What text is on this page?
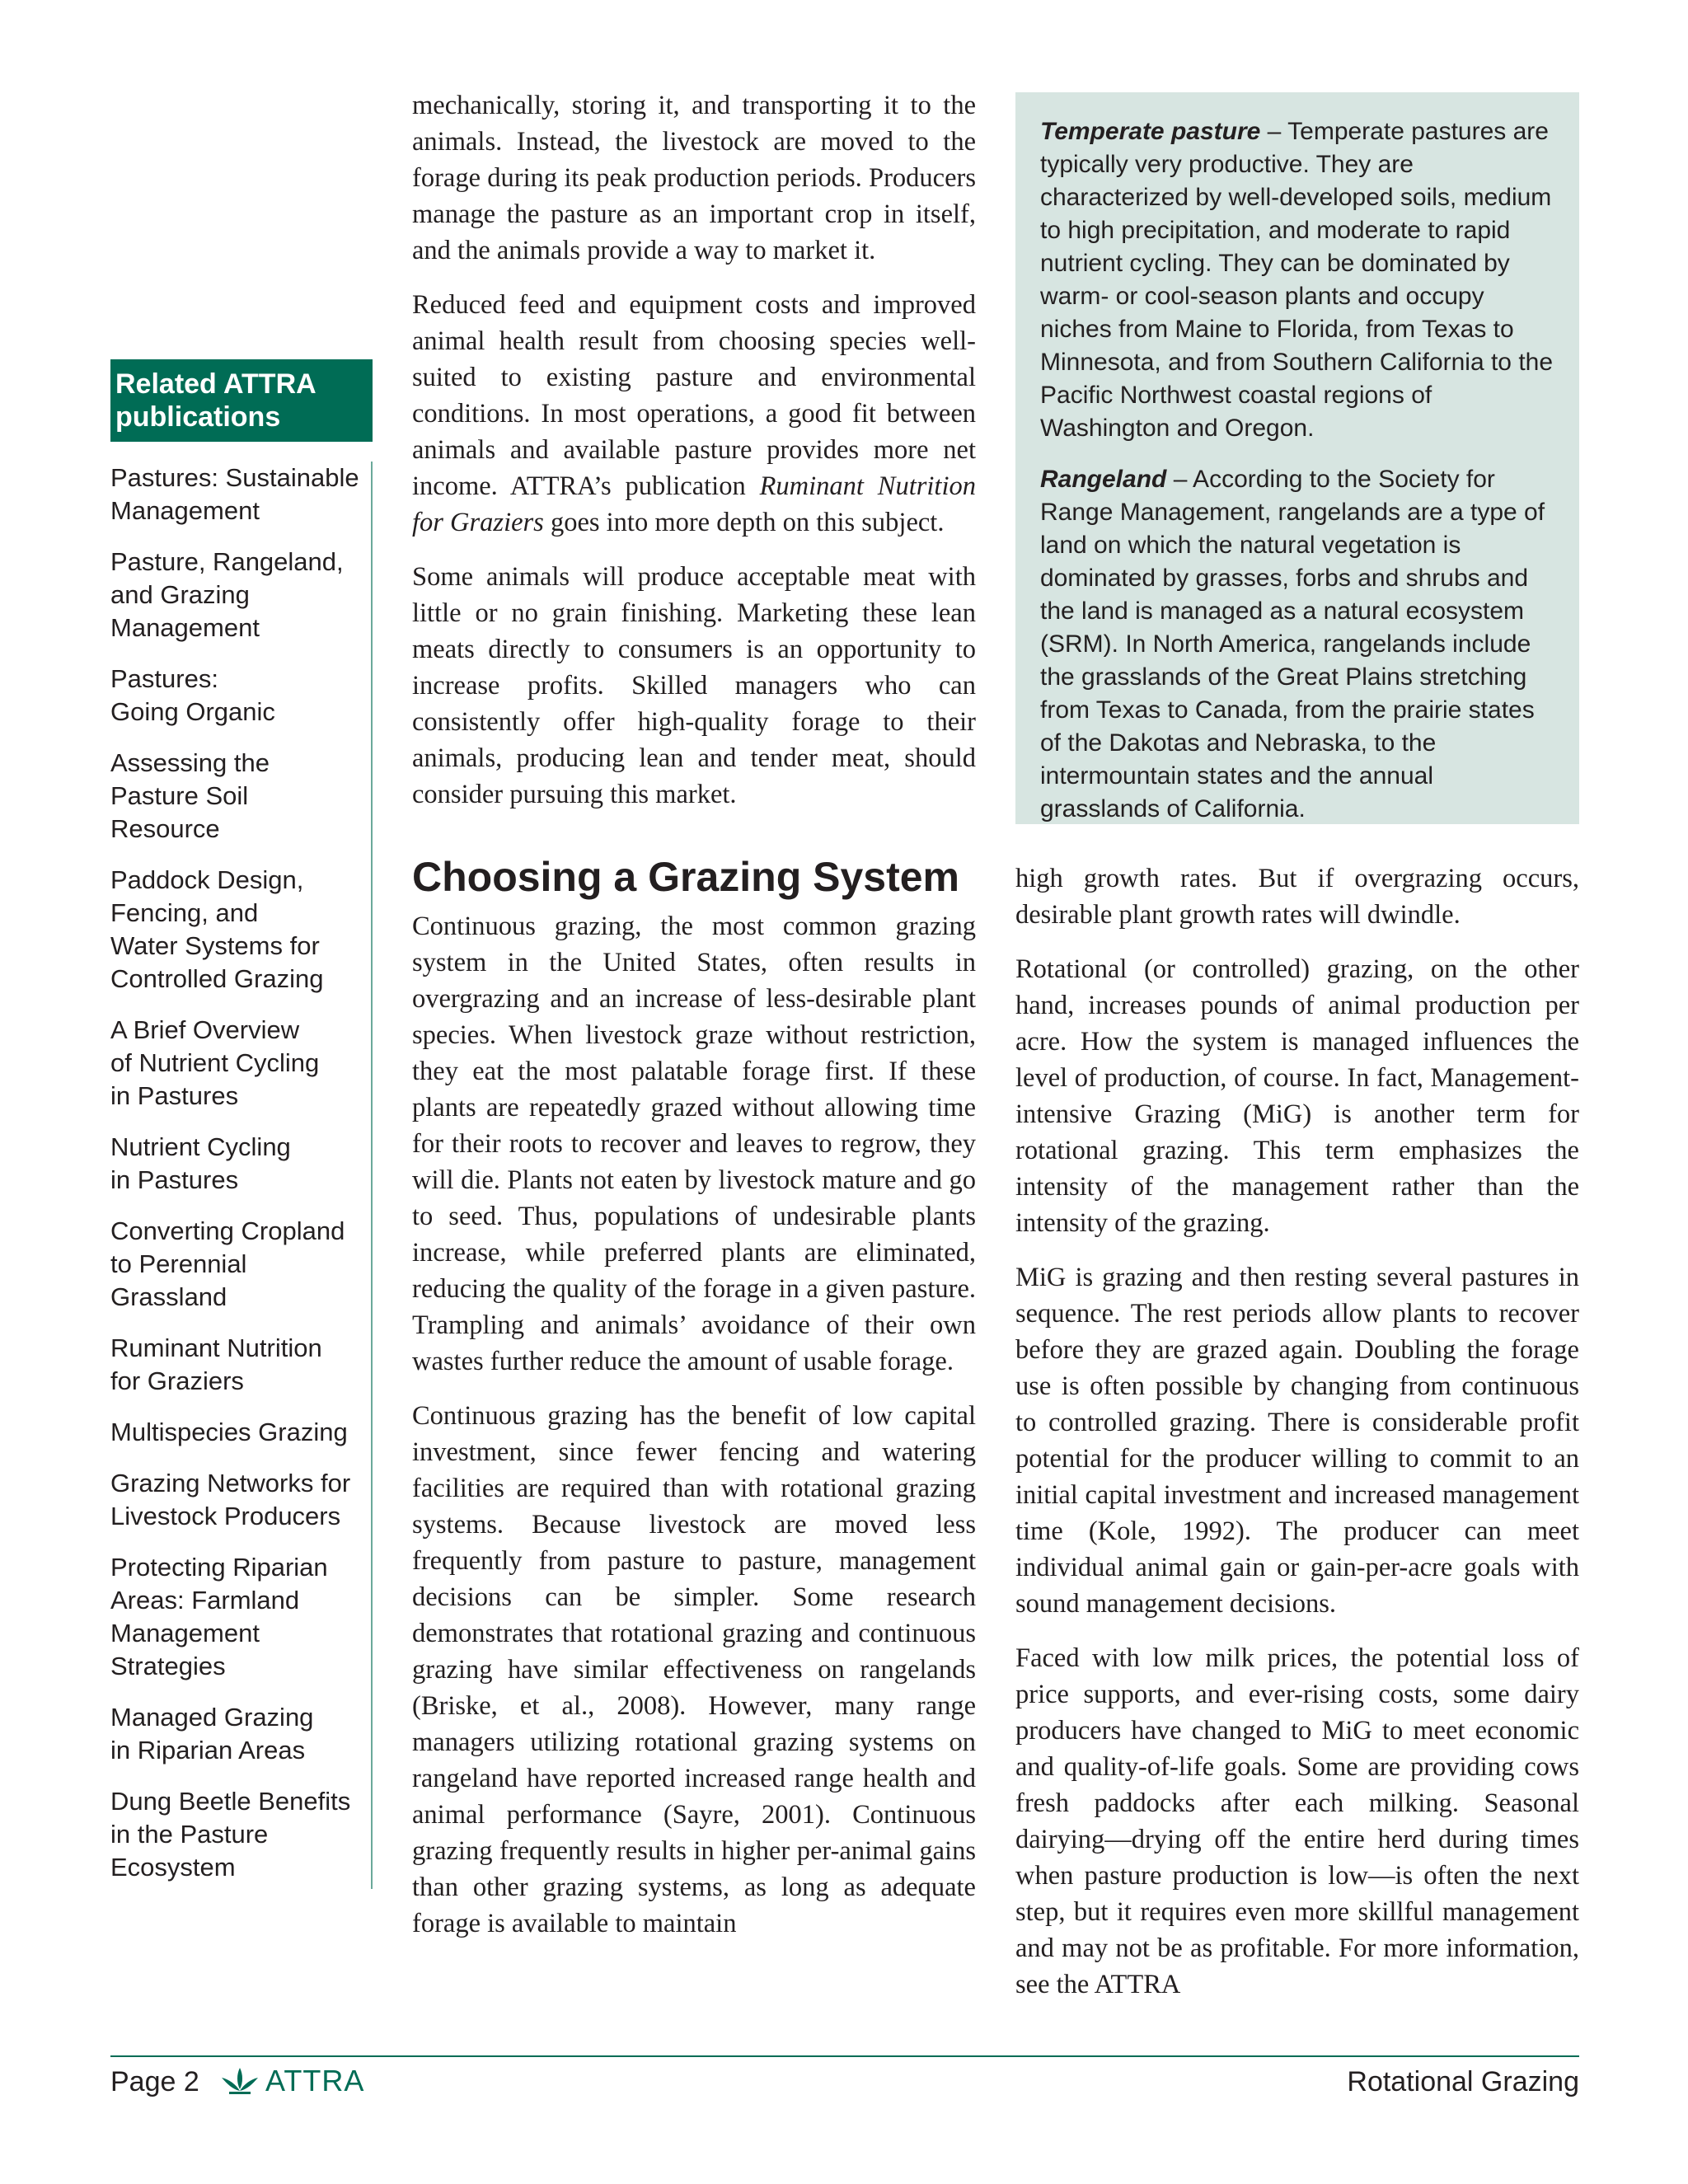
Related ATTRA publications
Pastures: Sustainable
Management
Pasture, Rangeland,
and Grazing
Management
Pastures:
Going Organic
Assessing the
Pasture Soil Resource
Paddock Design,
Fencing, and
Water Systems for
Controlled Grazing
A Brief Overview
of Nutrient Cycling
in Pastures
Nutrient Cycling
in Pastures
Converting Cropland
to Perennial Grassland
Ruminant Nutrition
for Graziers
Multispecies Grazing
Grazing Networks for
Livestock Producers
Protecting Riparian
Areas: Farmland
Management Strategies
Managed Grazing
in Riparian Areas
Dung Beetle Benefits
in the Pasture Ecosystem

mechanically, storing it, and transporting it to the animals. Instead, the livestock are moved to the forage during its peak production periods. Producers manage the pasture as an important crop in itself, and the animals provide a way to market it.

Reduced feed and equipment costs and improved animal health result from choosing species well-suited to existing pasture and environmental conditions. In most operations, a good fit between animals and available pasture provides more net income. ATTRA’s publication Ruminant Nutrition for Graziers goes into more depth on this subject.

Some animals will produce acceptable meat with little or no grain finishing. Marketing these lean meats directly to consumers is an opportunity to increase profits. Skilled managers who can consistently offer high-quality forage to their animals, producing lean and tender meat, should consider pursuing this market.

Choosing a Grazing System

Continuous grazing, the most common grazing system in the United States, often results in overgrazing and an increase of less-desirable plant species. When livestock graze without restriction, they eat the most palatable forage first. If these plants are repeatedly grazed without allowing time for their roots to recover and leaves to regrow, they will die. Plants not eaten by livestock mature and go to seed. Thus, populations of undesirable plants increase, while preferred plants are eliminated, reducing the quality of the forage in a given pasture. Trampling and animals’ avoidance of their own wastes further reduce the amount of usable forage.

Continuous grazing has the benefit of low capital investment, since fewer fencing and watering facilities are required than with rotational grazing systems. Because livestock are moved less frequently from pasture to pasture, management decisions can be simpler. Some research demonstrates that rotational grazing and continuous grazing have similar effectiveness on rangelands (Briske, et al., 2008). However, many range managers utilizing rotational grazing systems on rangeland have reported increased range health and animal performance (Sayre, 2001). Continuous grazing frequently results in higher per-animal gains than other grazing systems, as long as adequate forage is available to maintain

Temperate pasture – Temperate pastures are typically very productive. They are characterized by well-developed soils, medium to high precipitation, and moderate to rapid nutrient cycling. They can be dominated by warm- or cool-season plants and occupy niches from Maine to Florida, from Texas to Minnesota, and from Southern California to the Pacific Northwest coastal regions of Washington and Oregon.

Rangeland – According to the Society for Range Management, rangelands are a type of land on which the natural vegetation is dominated by grasses, forbs and shrubs and the land is managed as a natural ecosystem (SRM). In North America, rangelands include the grasslands of the Great Plains stretching from Texas to Canada, from the prairie states of the Dakotas and Nebraska, to the intermountain states and the annual grasslands of California.

high growth rates. But if overgrazing occurs, desirable plant growth rates will dwindle.

Rotational (or controlled) grazing, on the other hand, increases pounds of animal production per acre. How the system is managed influences the level of production, of course. In fact, Management-intensive Grazing (MiG) is another term for rotational grazing. This term emphasizes the intensity of the management rather than the intensity of the grazing.

MiG is grazing and then resting several pastures in sequence. The rest periods allow plants to recover before they are grazed again. Doubling the forage use is often possible by changing from continuous to controlled grazing. There is considerable profit potential for the producer willing to commit to an initial capital investment and increased management time (Kole, 1992). The producer can meet individual animal gain or gain-per-acre goals with sound management decisions.

Faced with low milk prices, the potential loss of price supports, and ever-rising costs, some dairy producers have changed to MiG to meet economic and quality-of-life goals. Some are providing cows fresh paddocks after each milking. Seasonal dairying—drying off the entire herd during times when pasture production is low—is often the next step, but it requires even more skillful management and may not be as profitable. For more information, see the ATTRA

Page 2 ATTRA	Rotational Grazing
